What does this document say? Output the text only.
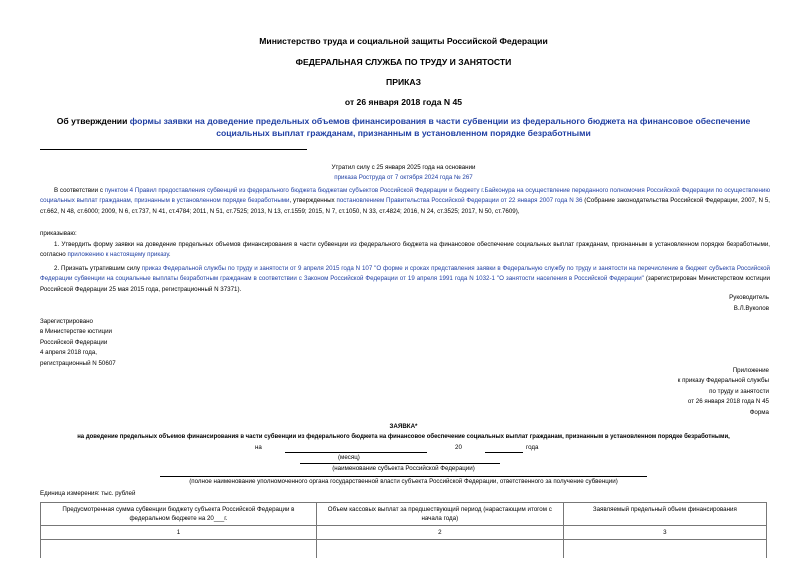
Министерство труда и социальной защиты Российской Федерации
ФЕДЕРАЛЬНАЯ СЛУЖБА ПО ТРУДУ И ЗАНЯТОСТИ
ПРИКАЗ
от 26 января 2018 года N 45
Об утверждении формы заявки на доведение предельных объемов финансирования в части субвенции из федерального бюджета на финансовое обеспечение социальных выплат гражданам, признанным в установленном порядке безработными
Утратил силу с 25 января 2025 года на основании
приказа Роструда от 7 октября 2024 года № 267
В соответствии с пунктом 4 Правил предоставления субвенций из федерального бюджета бюджетам субъектов Российской Федерации и бюджету г.Байконура на осуществление переданного полномочия Российской Федерации по осуществлению социальных выплат гражданам, признанным в установленном порядке безработными, утвержденных постановлением Правительства Российской Федерации от 22 января 2007 года N 36 (Собрание законодательства Российской Федерации, 2007, N 5, ст.662, N 48, ст.6000; 2009, N 6, ст.737, N 41, ст.4784; 2011, N 51, ст.7525; 2013, N 13, ст.1559; 2015, N 7, ст.1050, N 33, ст.4824; 2016, N 24, ст.3525; 2017, N 50, ст.7609),
приказываю:
1. Утвердить форму заявки на доведение предельных объемов финансирования в части субвенции из федерального бюджета на финансовое обеспечение социальных выплат гражданам, признанным в установленном порядке безработными, согласно приложению к настоящему приказу.
2. Признать утратившим силу приказ Федеральной службы по труду и занятости от 9 апреля 2015 года N 107 "О форме и сроках представления заявки в Федеральную службу по труду и занятости на перечисление в бюджет субъекта Российской Федерации субвенции на социальные выплаты безработным гражданам в соответствии с Законом Российской Федерации от 19 апреля 1991 года N 1032-1 "О занятости населения в Российской Федерации" (зарегистрирован Министерством юстиции Российской Федерации 25 мая 2015 года, регистрационный N 37371).
Руководитель
В.Л.Вуколов
Зарегистрировано
в Министерстве юстиции
Российской Федерации
4 апреля 2018 года,
регистрационный N 50607
Приложение
к приказу Федеральной службы
по труду и занятости
от 26 января 2018 года N 45
Форма
ЗАЯВКА*
на доведение предельных объемов финансирования в части субвенции из федерального бюджета на финансовое обеспечение социальных выплат гражданам, признанным в установленном порядке безработными,
на	20	года
(месяц)
(наименование субъекта Российской Федерации)
(полное наименование уполномоченного органа государственной власти субъекта Российской Федерации, ответственного за получение субвенции)
Единица измерения: тыс. рублей
Предусмотренная сумма субвенции бюджету субъекта Российской Федерации в федеральном бюджете на 20___г.	Объем кассовых выплат за предшествующий период (нарастающим итогом с начала года)	Заявляемый предельный объем финансирования
1	2	3
